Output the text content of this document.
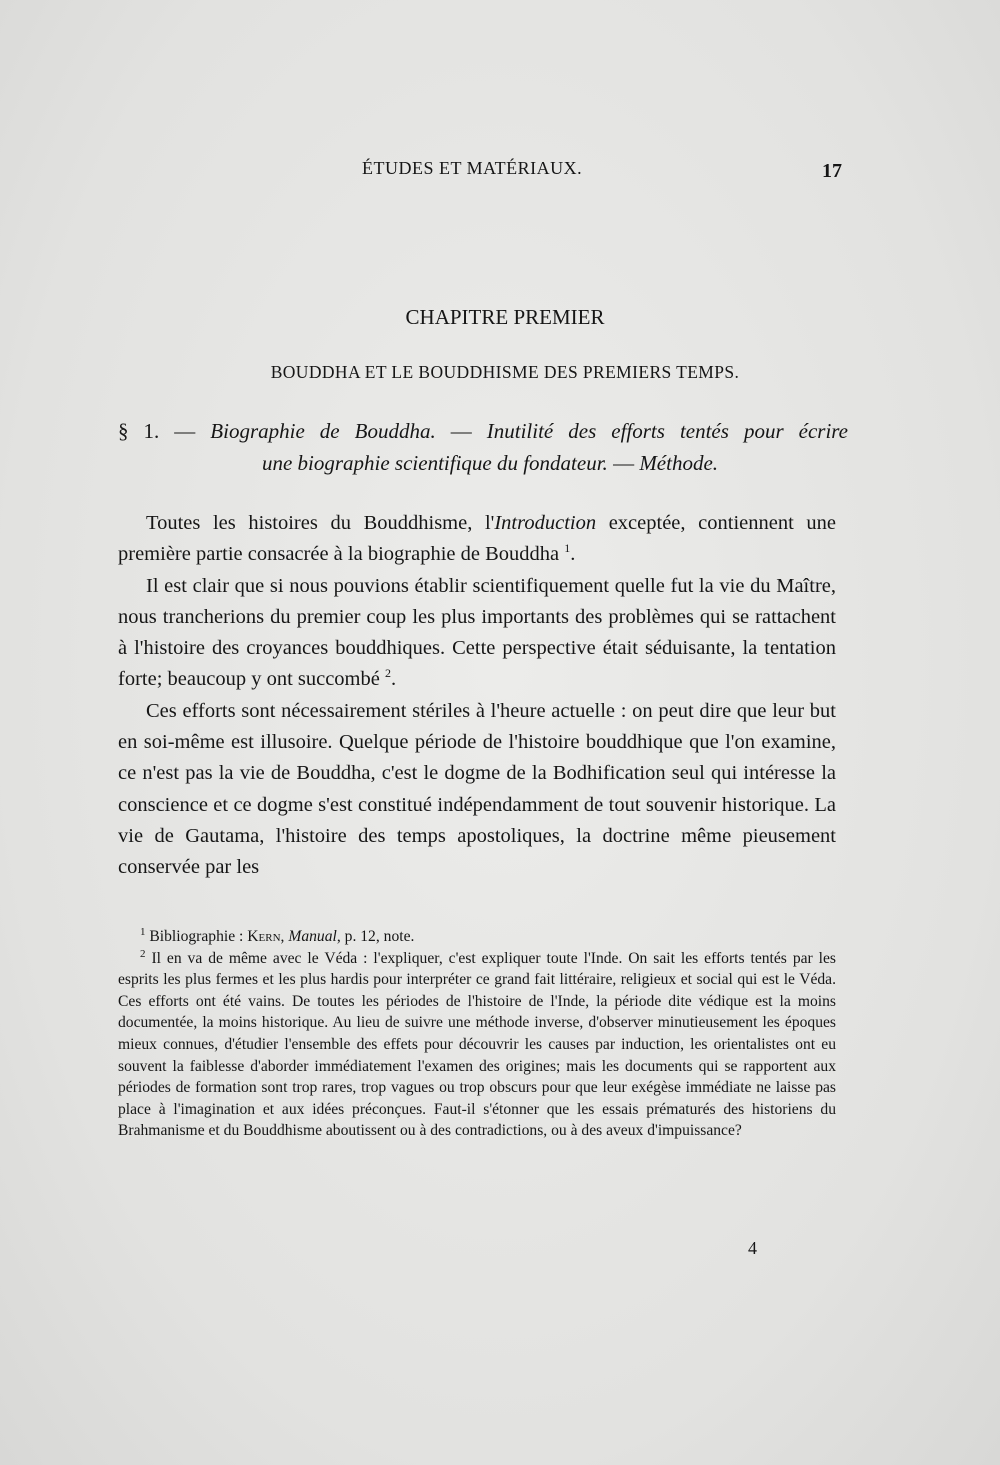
ÉTUDES ET MATÉRIAUX.	17
CHAPITRE PREMIER
BOUDDHA ET LE BOUDDHISME DES PREMIERS TEMPS.
§ 1. — Biographie de Bouddha. — Inutilité des efforts tentés pour écrire
une biographie scientifique du fondateur. — Méthode.

Toutes les histoires du Bouddhisme, l'Introduction exceptée, contiennent une première partie consacrée à la biographie de Bouddha $^1$.

Il est clair que si nous pouvions établir scientifiquement quelle fut la vie du Maître, nous trancherions du premier coup les plus importants des problèmes qui se rattachent à l'histoire des croyances bouddhiques. Cette perspective était séduisante, la tentation forte; beaucoup y ont succombé $^2$.

Ces efforts sont nécessairement stériles à l'heure actuelle : on peut dire que leur but en soi-même est illusoire. Quelque période de l'histoire bouddhique que l'on examine, ce n'est pas la vie de Bouddha, c'est le dogme de la Bodhification seul qui intéresse la conscience et ce dogme s'est constitué indépendamment de tout souvenir historique. La vie de Gautama, l'histoire des temps apostoliques, la doctrine même pieusement conservée par les

$^1$ Bibliographie : Kern, Manual, p. 12, note.

$^2$ Il en va de même avec le Véda : l'expliquer, c'est expliquer toute l'Inde. On sait les efforts tentés par les esprits les plus fermes et les plus hardis pour interpréter ce grand fait littéraire, religieux et social qui est le Véda. Ces efforts ont été vains. De toutes les périodes de l'histoire de l'Inde, la période dite védique est la moins documentée, la moins historique. Au lieu de suivre une méthode inverse, d'observer minutieusement les époques mieux connues, d'étudier l'ensemble des effets pour découvrir les causes par induction, les orientalistes ont eu souvent la faiblesse d'aborder immédiatement l'examen des origines; mais les documents qui se rapportent aux périodes de formation sont trop rares, trop vagues ou trop obscurs pour que leur exégèse immédiate ne laisse pas place à l'imagination et aux idées préconçues. Faut-il s'étonner que les essais prématurés des historiens du Brahmanisme et du Bouddhisme aboutissent ou à des contradictions, ou à des aveux d'impuissance?

4
